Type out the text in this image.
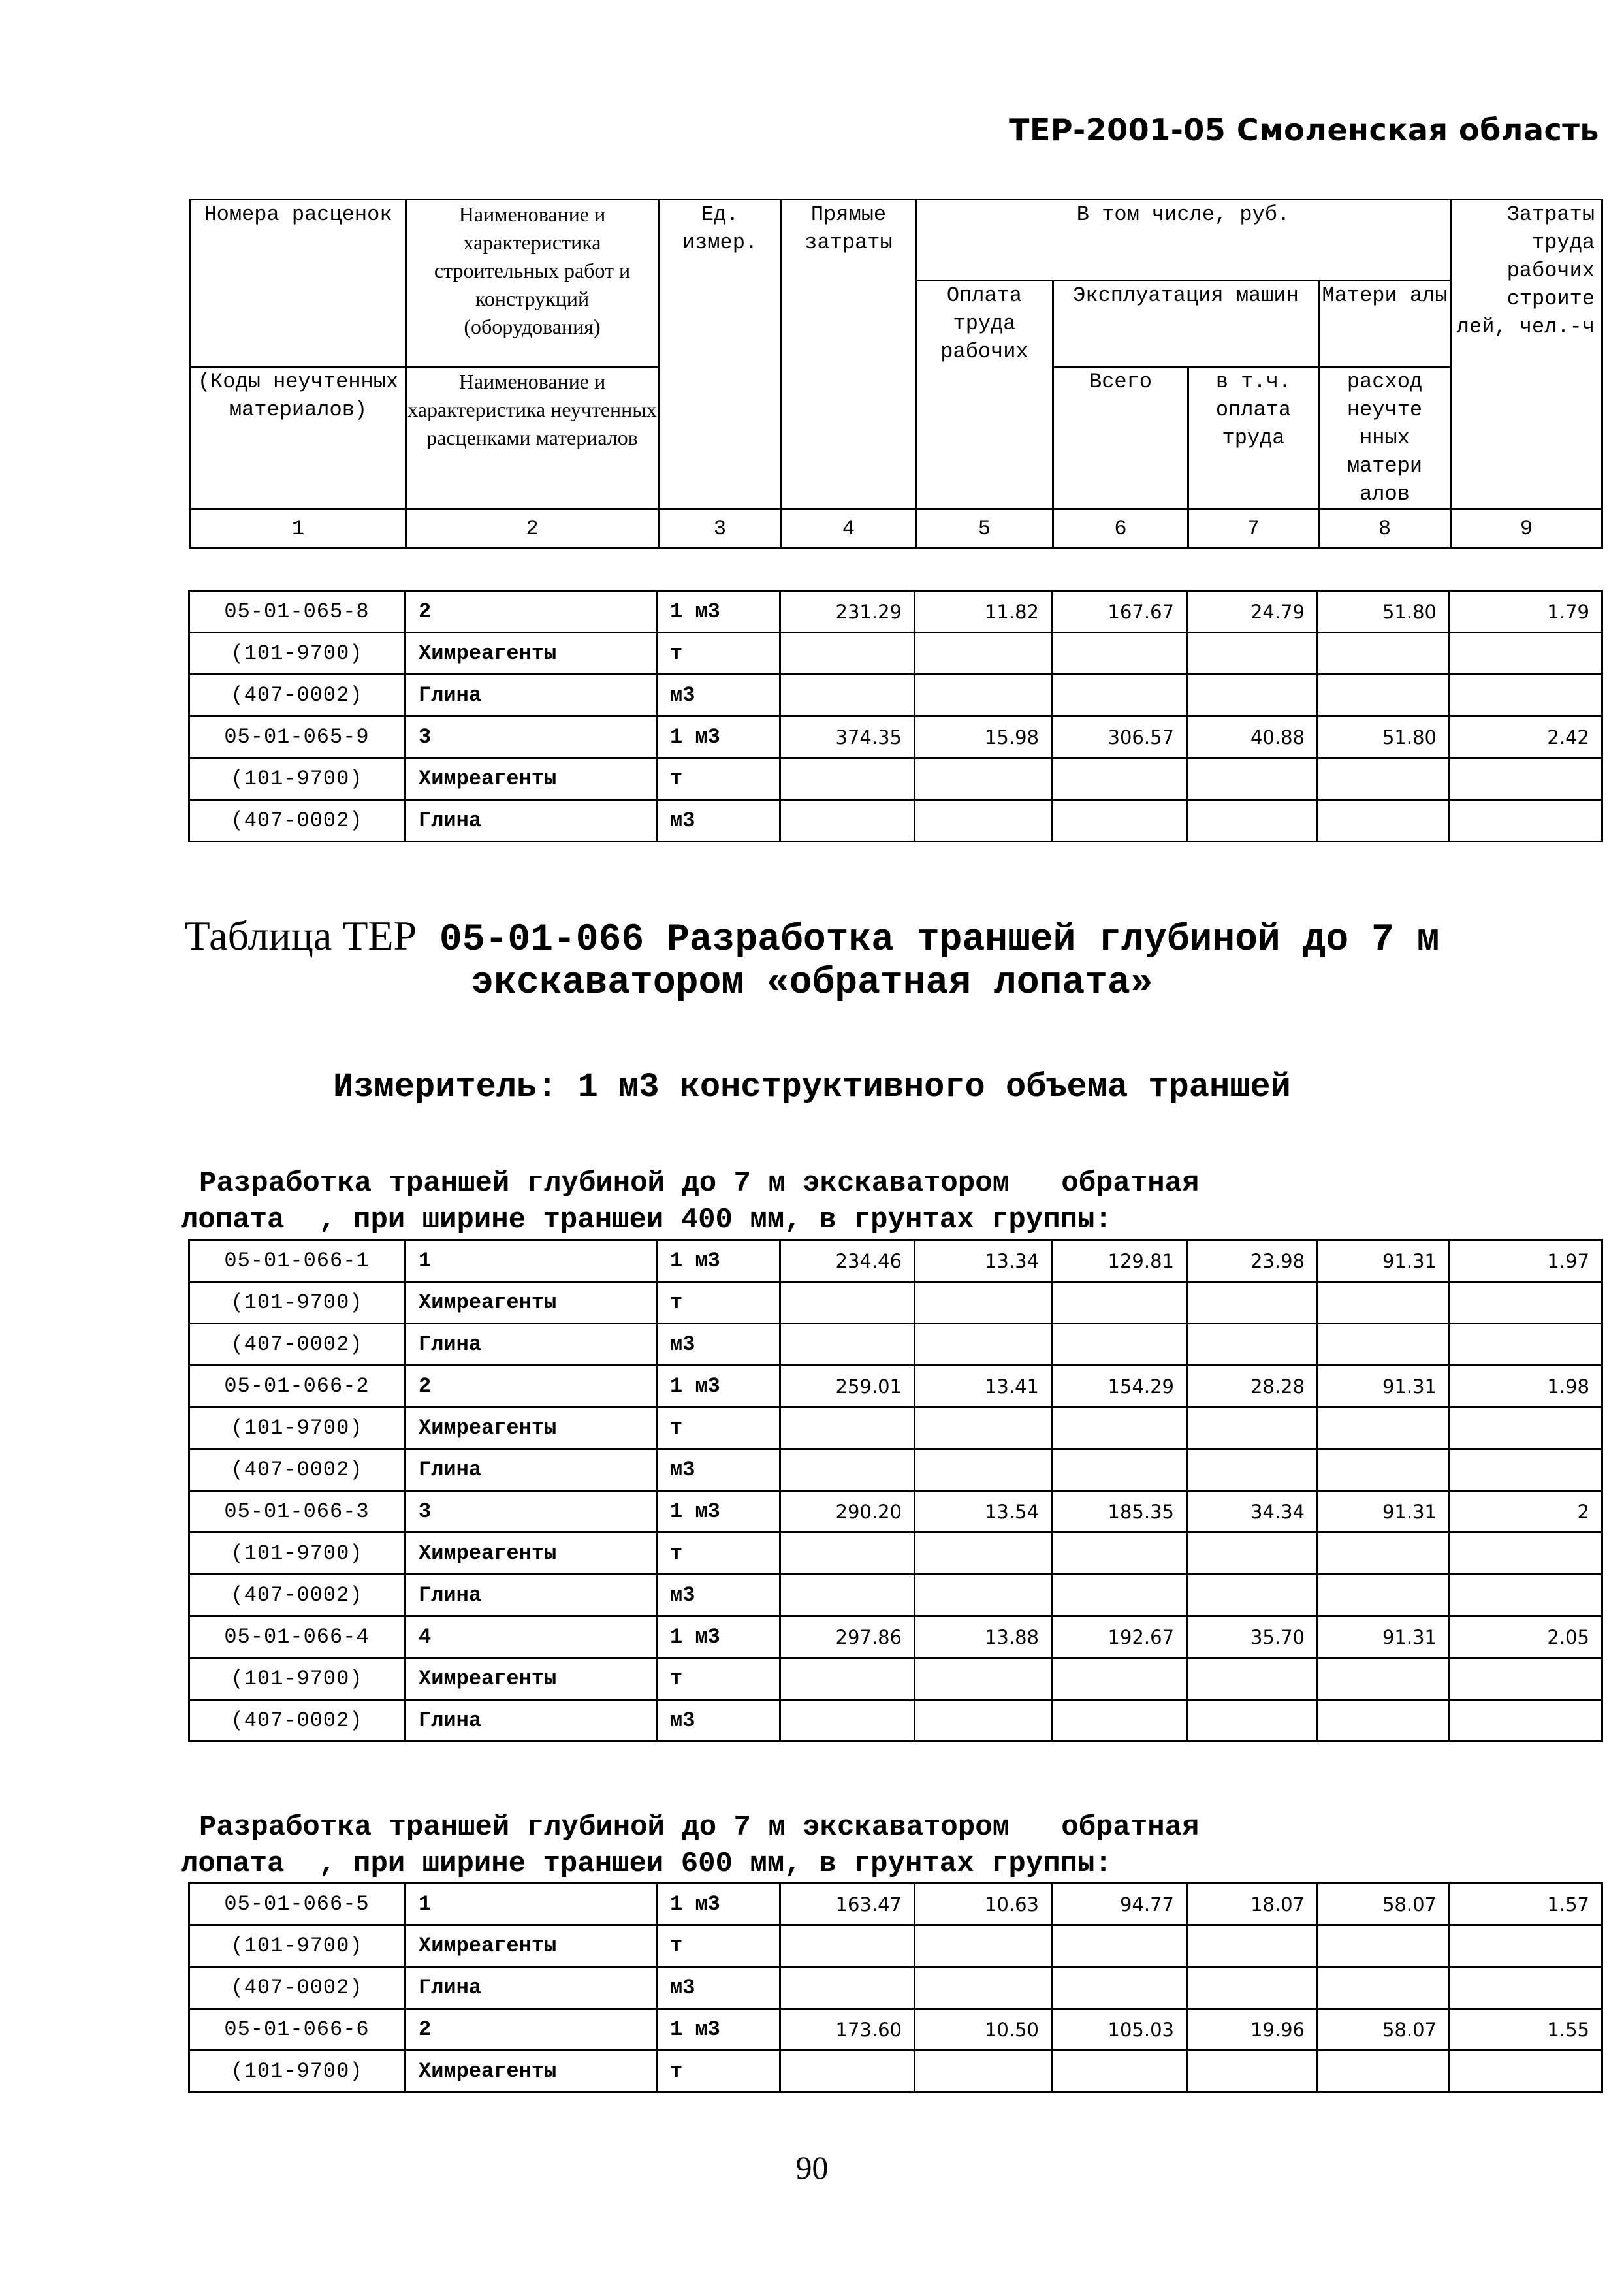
ТЕР-2001-05 Смоленская область
Номера расценок	Наименование и характеристика строительных работ и конструкций (оборудования)	Ед. измер.	Прямые затраты	В том числе, руб.				Затраты труда рабочих строите лей, чел.-ч
				Оплата труда рабочих	Эксплуатация машин		Матери алы	
(Коды неучтенных материалов)	Наименование и характеристика неучтенных расценками материалов				Всего	в т.ч. оплата труда	расход неучте нных матери алов	
1	2	3	4	5	6	7	8	9
05-01-065-8	2	1 м3	231.29	11.82	167.67	24.79	51.80	1.79
(101-9700)	Химреагенты	т						
(407-0002)	Глина	м3						
05-01-065-9	3	1 м3	374.35	15.98	306.57	40.88	51.80	2.42
(101-9700)	Химреагенты	т						
(407-0002)	Глина	м3						
Таблица ТЕР 05-01-066 Разработка траншей глубиной до 7 м
экскаватором «обратная лопата»
Измеритель: 1 м3 конструктивного объема траншей
Разработка траншей глубиной до 7 м экскаватором   обратная
лопата  , при ширине траншеи 400 мм, в грунтах группы:
05-01-066-1	1	1 м3	234.46	13.34	129.81	23.98	91.31	1.97
(101-9700)	Химреагенты	т						
(407-0002)	Глина	м3						
05-01-066-2	2	1 м3	259.01	13.41	154.29	28.28	91.31	1.98
(101-9700)	Химреагенты	т						
(407-0002)	Глина	м3						
05-01-066-3	3	1 м3	290.20	13.54	185.35	34.34	91.31	2
(101-9700)	Химреагенты	т						
(407-0002)	Глина	м3						
05-01-066-4	4	1 м3	297.86	13.88	192.67	35.70	91.31	2.05
(101-9700)	Химреагенты	т						
(407-0002)	Глина	м3						
Разработка траншей глубиной до 7 м экскаватором   обратная
лопата  , при ширине траншеи 600 мм, в грунтах группы:
05-01-066-5	1	1 м3	163.47	10.63	94.77	18.07	58.07	1.57
(101-9700)	Химреагенты	т						
(407-0002)	Глина	м3						
05-01-066-6	2	1 м3	173.60	10.50	105.03	19.96	58.07	1.55
(101-9700)	Химреагенты	т						
90
